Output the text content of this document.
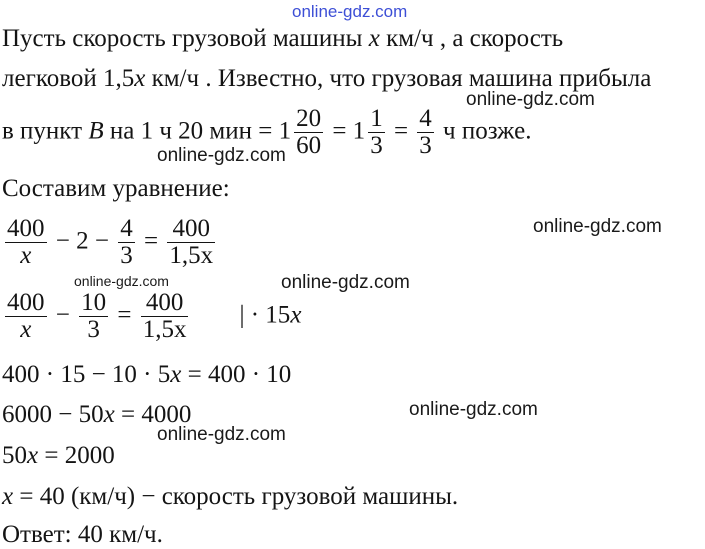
online-gdz.com
Пусть скорость грузовой машины x км/ч , а скорость
легковой 1,5x км/ч . Известно, что грузовая машина прибыла
online-gdz.com
в пункт B на 1 ч 20 мин = $1 \frac{20}{60} = 1 \frac{1}{3} = \frac{4}{3}$ ч позже.
online-gdz.com
Составим уравнение:
online-gdz.com
$\frac{400}{x} - 2 - \frac{4}{3} = \frac{400}{1,5x}$
online-gdz.com	online-gdz.com
$\frac{400}{x} - \frac{10}{3} = \frac{400}{1,5x}$ | · 15x
400 · 15 − 10 · 5x = 400 · 10
online-gdz.com
6000 − 50x = 4000
online-gdz.com
50x = 2000
x = 40 (км/ч) − скорость грузовой машины.
Ответ: 40 км/ч.
